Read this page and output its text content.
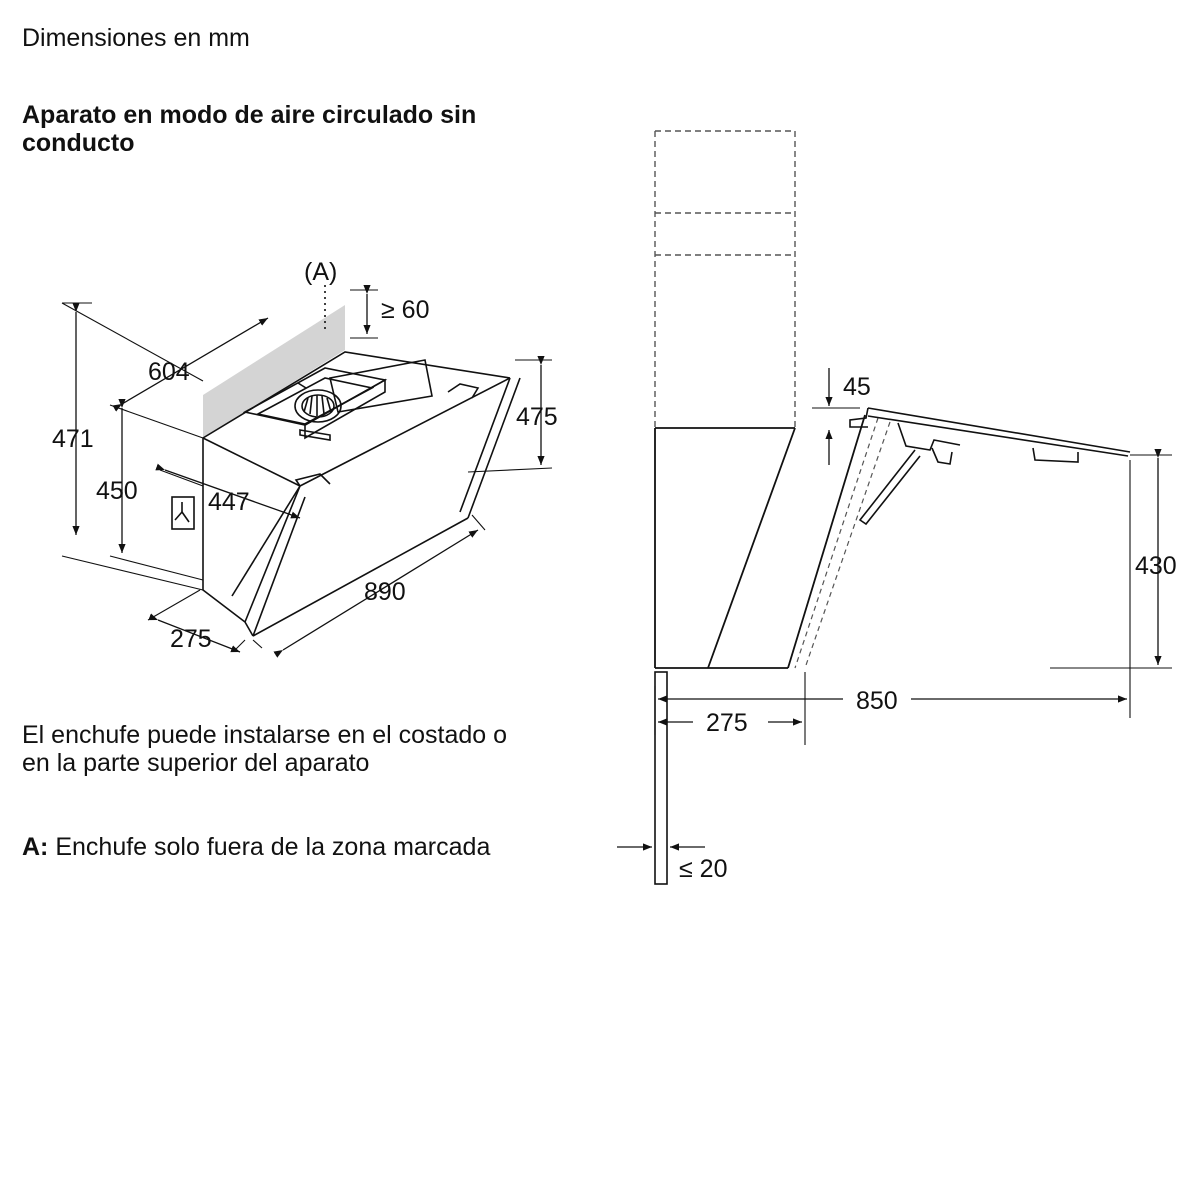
Dimensiones en mm

Aparato en modo de aire circulado sin
conducto
El enchufe puede instalarse en el costado o
en la parte superior del aparato

A: Enchufe solo fuera de la zona marcada

(A)
≥ 60
604
471
450
475
447
890
275
45
430
850
275
≤ 20
